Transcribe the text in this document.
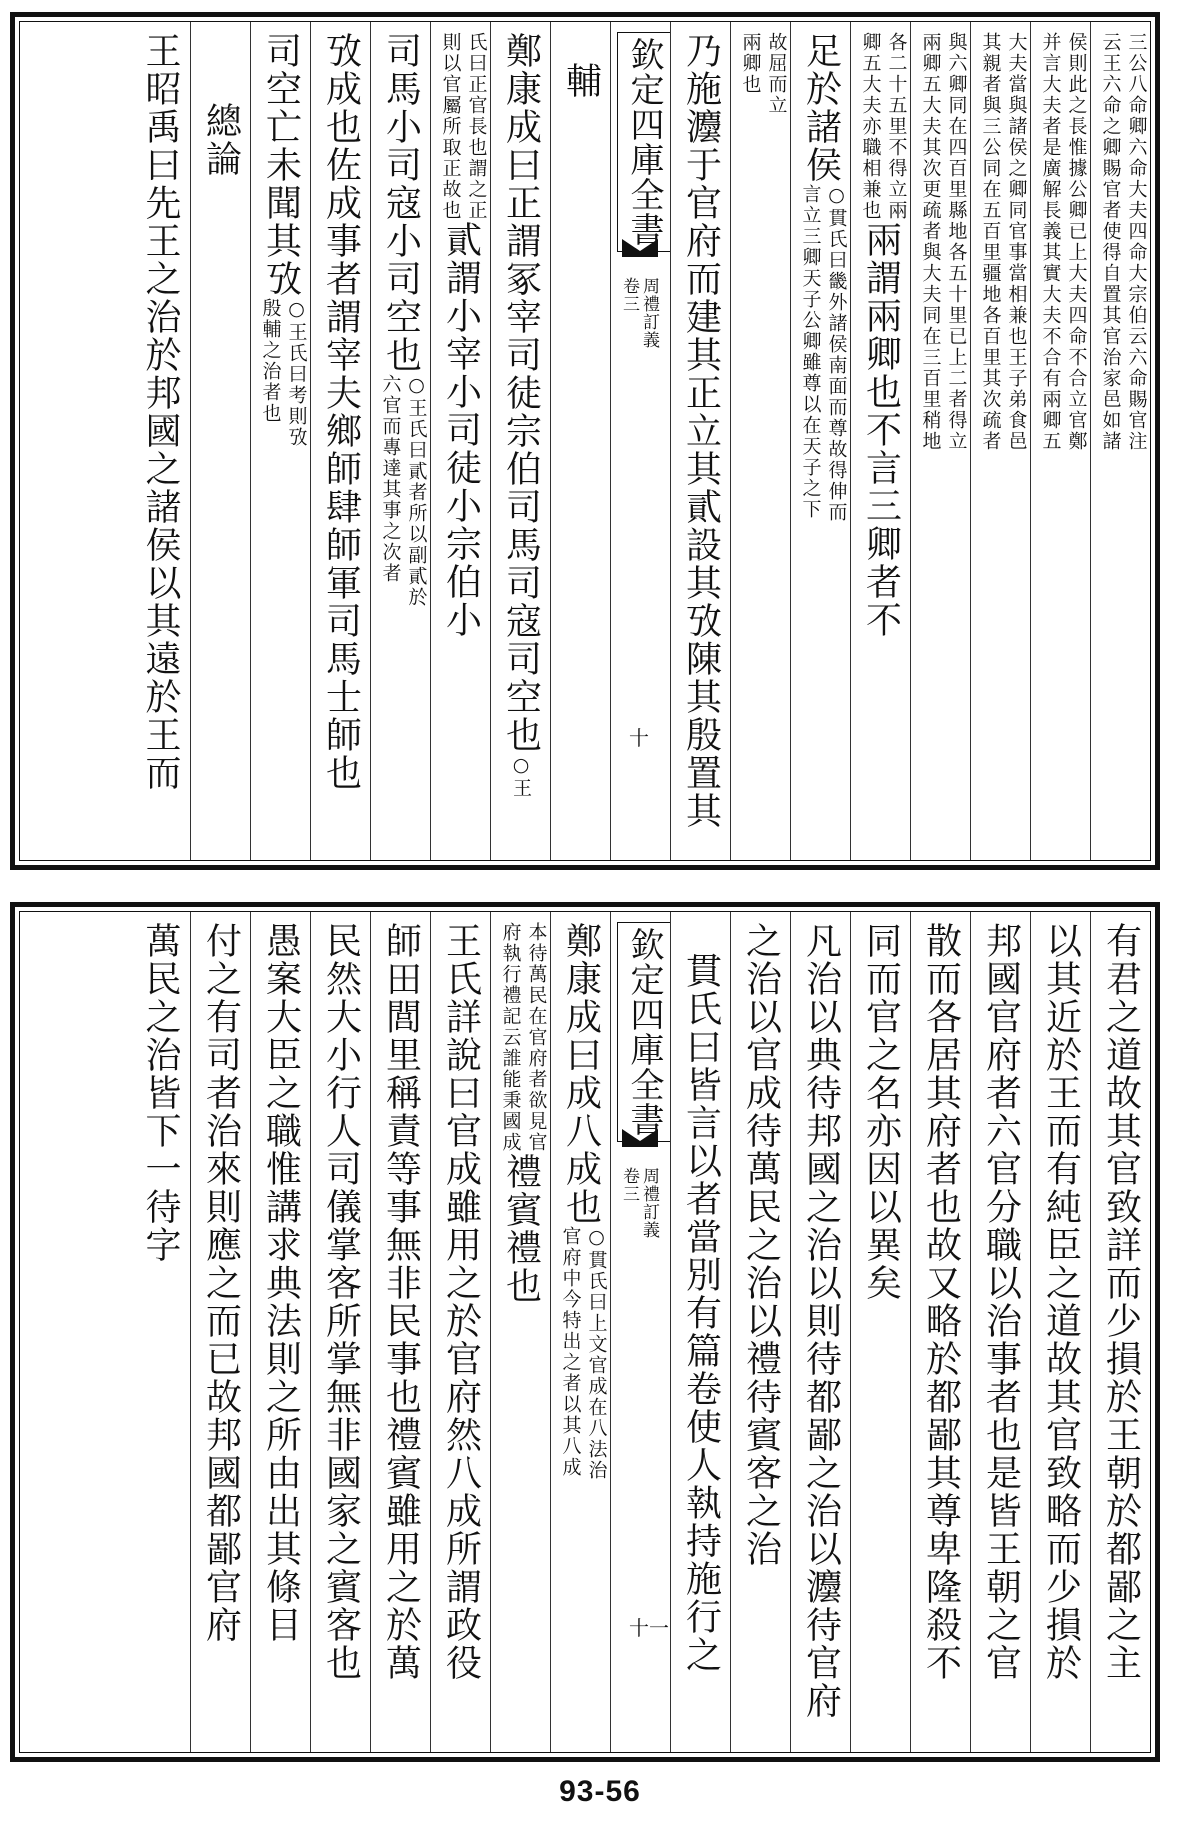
三公八命卿六命大夫四命大宗伯云六命賜官注
云王六命之卿賜官者使得自置其官治家邑如諸
侯則此之長惟據公卿已上大夫四命不合立官鄭
并言大夫者是廣解長義其實大夫不合有兩卿五
大夫當與諸侯之卿同官事當相兼也王子弟食邑
其親者與三公同在五百里疆地各百里其次疏者
與六卿同在四百里縣地各五十里已上二者得立
兩卿五大夫其次更疏者與大夫同在三百里稍地
各二十五里不得立兩
卿五大夫亦職相兼也
兩謂兩卿也不言三卿者不
足於諸侯
○貫氏曰畿外諸侯南面而尊故得伸而
言立三卿天子公卿雖尊以在天子之下
故屈而立
兩卿也
乃施灋于官府而建其正立其貳設其攷陳其殷置其
欽定四庫全書
周禮訂義
卷三
十
輔
鄭康成曰正謂冢宰司徒宗伯司馬司寇司空也
○王
氏曰正官長也謂之正
則以官屬所取正故也
貳謂小宰小司徒小宗伯小
司馬小司寇小司空也
○王氏曰貳者所以副貳於
六官而專達其事之次者
攷成也佐成事者謂宰夫鄉師肆師軍司馬士師也
司空亡未聞其攷
○王氏曰考則攷
殷輔之治者也
總論
王昭禹曰先王之治於邦國之諸侯以其遠於王而
有君之道故其官致詳而少損於王朝於都鄙之主
以其近於王而有純臣之道故其官致略而少損於
邦國官府者六官分職以治事者也是皆王朝之官
散而各居其府者也故又略於都鄙其尊卑隆殺不
同而官之名亦因以異矣
凡治以典待邦國之治以則待都鄙之治以灋待官府
之治以官成待萬民之治以禮待賓客之治
貫氏曰皆言以者當別有篇卷使人執持施行之
欽定四庫全書
周禮訂義
卷三
十一
鄭康成曰成八成也
○貫氏曰上文官成在八法治
官府中今特出之者以其八成
本待萬民在官府者欲見官
府執行禮記云誰能秉國成
禮賓禮也
王氏詳說曰官成雖用之於官府然八成所謂政役
師田閭里稱責等事無非民事也禮賓雖用之於萬
民然大小行人司儀掌客所掌無非國家之賓客也
愚案大臣之職惟講求典法則之所由出其條目
付之有司者治來則應之而已故邦國都鄙官府
萬民之治皆下一待字
93-56
